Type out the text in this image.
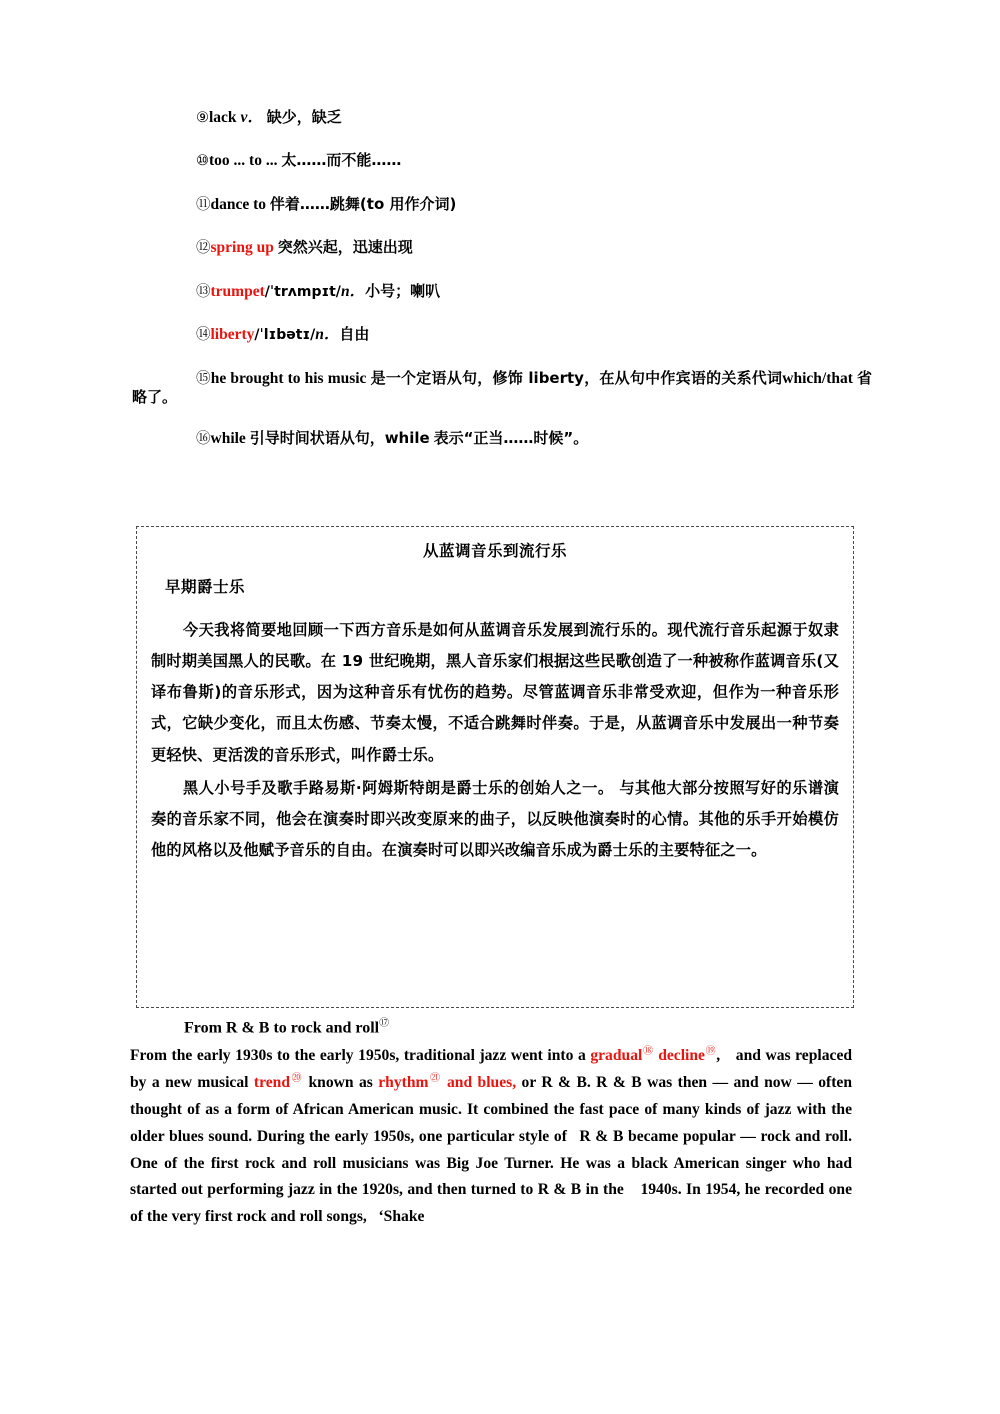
⑨lack v． 缺少，缺乏
⑩too ... to ... 太……而不能……
⑪dance to 伴着……跳舞(to 用作介词)
⑫spring up 突然兴起，迅速出现
⑬trumpet/ˈtrʌmpɪt/n．小号；喇叭
⑭liberty/ˈlɪbətɪ/n．自由
⑮he brought to his music 是一个定语从句，修饰 liberty，在从句中作宾语的关系代词which/that 省略了。
⑯while 引导时间状语从句，while 表示“正当……时候”。
从蓝调音乐到流行乐
早期爵士乐

今天我将简要地回顾一下西方音乐是如何从蓝调音乐发展到流行乐的。现代流行音乐起源于奴隶制时期美国黑人的民歌。在 19 世纪晚期，黑人音乐家们根据这些民歌创造了一种被称作蓝调音乐(又译布鲁斯)的音乐形式，因为这种音乐有忧伤的趋势。尽管蓝调音乐非常受欢迎，但作为一种音乐形式，它缺少变化，而且太伤感、节奏太慢，不适合跳舞时伴奏。于是，从蓝调音乐中发展出一种节奏更轻快、更活泼的音乐形式，叫作爵士乐。

黑人小号手及歌手路易斯·阿姆斯特朗是爵士乐的创始人之一。 与其他大部分按照写好的乐谱演奏的音乐家不同，他会在演奏时即兴改变原来的曲子，以反映他演奏时的心情。其他的乐手开始模仿他的风格以及他赋予音乐的自由。在演奏时可以即兴改编音乐成为爵士乐的主要特征之一。

From R & B to rock and roll⑰
From the early 1930s to the early 1950s, traditional jazz went into a gradual⑱ decline⑲, and was replaced by a new musical trend⑳ known as rhythm$^㉑$ and blues, or R & B. R & B was then — and now — often thought of as a form of African American music. It combined the fast pace of many kinds of jazz with the older blues sound. During the early 1950s, one particular style of  R & B became popular — rock and roll. One of the first rock and roll musicians was Big Joe Turner. He was a black American singer who had started out performing jazz in the 1920s, and then turned to R & B in the   1940s. In 1954, he recorded one of the very first rock and roll songs,  ‘Shake
